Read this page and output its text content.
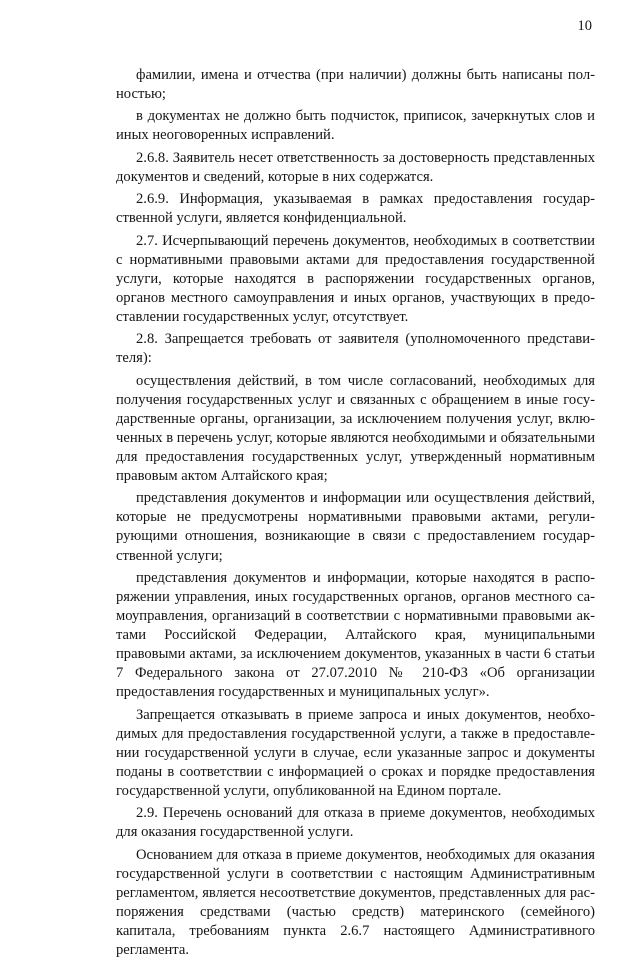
10

фамилии, имена и отчества (при наличии) должны быть написаны полностью;

в документах не должно быть подчисток, приписок, зачеркнутых слов и иных неоговоренных исправлений.

2.6.8. Заявитель несет ответственность за достоверность представленных документов и сведений, которые в них содержатся.

2.6.9. Информация, указываемая в рамках предоставления государственной услуги, является конфиденциальной.

2.7. Исчерпывающий перечень документов, необходимых в соответствии с нормативными правовыми актами для предоставления государственной услуги, которые находятся в распоряжении государственных органов, органов местного самоуправления и иных органов, участвующих в предоставлении государственных услуг, отсутствует.

2.8. Запрещается требовать от заявителя (уполномоченного представителя):

осуществления действий, в том числе согласований, необходимых для получения государственных услуг и связанных с обращением в иные государственные органы, организации, за исключением получения услуг, включенных в перечень услуг, которые являются необходимыми и обязательными для предоставления государственных услуг, утвержденный нормативным правовым актом Алтайского края;

представления документов и информации или осуществления действий, которые не предусмотрены нормативными правовыми актами, регулирующими отношения, возникающие в связи с предоставлением государственной услуги;

представления документов и информации, которые находятся в распоряжении управления, иных государственных органов, органов местного самоуправления, организаций в соответствии с нормативными правовыми актами Российской Федерации, Алтайского края, муниципальными правовыми актами, за исключением документов, указанных в части 6 статьи 7 Федерального закона от 27.07.2010 № 210-ФЗ «Об организации предоставления государственных и муниципальных услуг».

Запрещается отказывать в приеме запроса и иных документов, необходимых для предоставления государственной услуги, а также в предоставлении государственной услуги в случае, если указанные запрос и документы поданы в соответствии с информацией о сроках и порядке предоставления государственной услуги, опубликованной на Едином портале.

2.9. Перечень оснований для отказа в приеме документов, необходимых для оказания государственной услуги.

Основанием для отказа в приеме документов, необходимых для оказания государственной услуги в соответствии с настоящим Административным регламентом, является несоответствие документов, представленных для распоряжения средствами (частью средств) материнского (семейного) капитала, требованиям пункта 2.6.7 настоящего Административного регламента.
